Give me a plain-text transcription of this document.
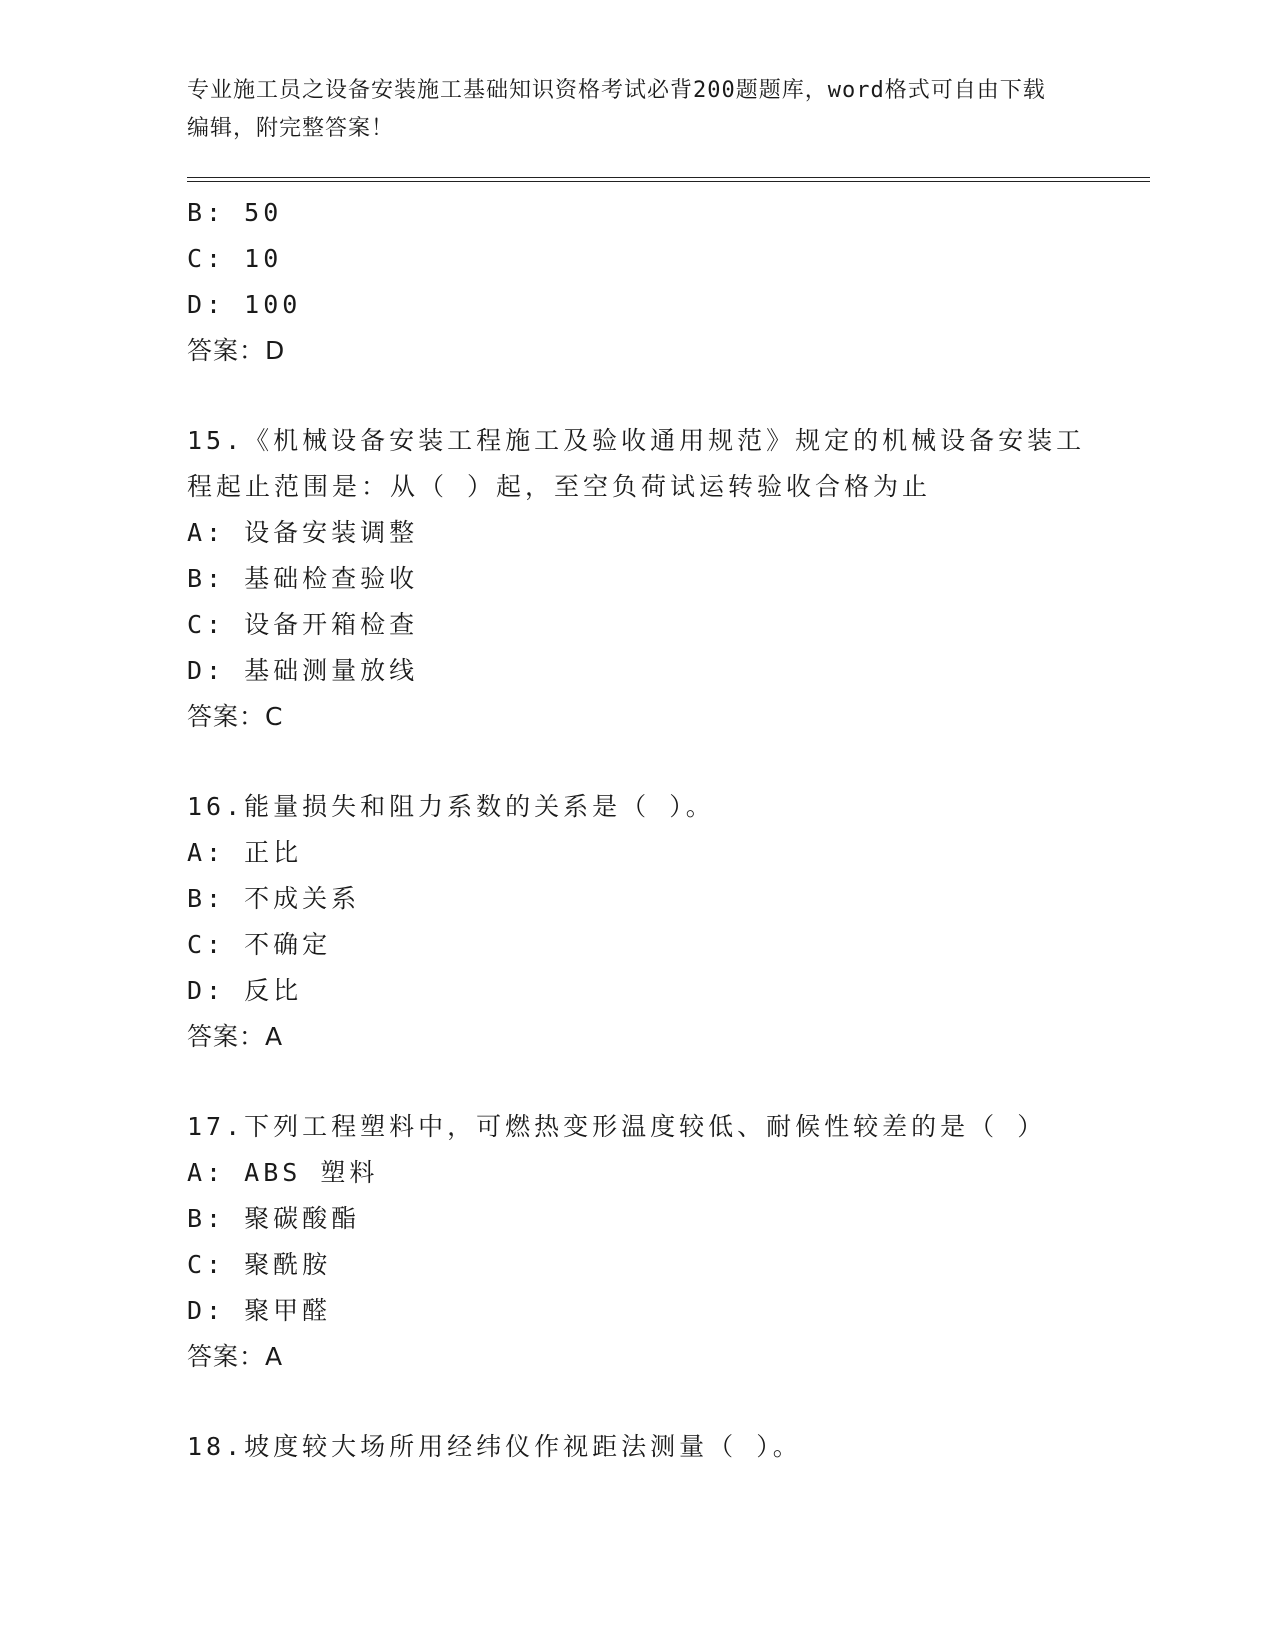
专业施工员之设备安装施工基础知识资格考试必背200题题库，word格式可自由下载编辑，附完整答案！
B: 50
C: 10
D: 100
答案：D
15.《机械设备安装工程施工及验收通用规范》规定的机械设备安装工程起止范围是：从（ ）起，至空负荷试运转验收合格为止
A: 设备安装调整
B: 基础检查验收
C: 设备开箱检查
D: 基础测量放线
答案：C
16.能量损失和阻力系数的关系是（ ）。
A: 正比
B: 不成关系
C: 不确定
D: 反比
答案：A
17.下列工程塑料中，可燃热变形温度较低、耐候性较差的是（ ）
A: ABS 塑料
B: 聚碳酸酯
C: 聚酰胺
D: 聚甲醛
答案：A
18.坡度较大场所用经纬仪作视距法测量（ ）。
